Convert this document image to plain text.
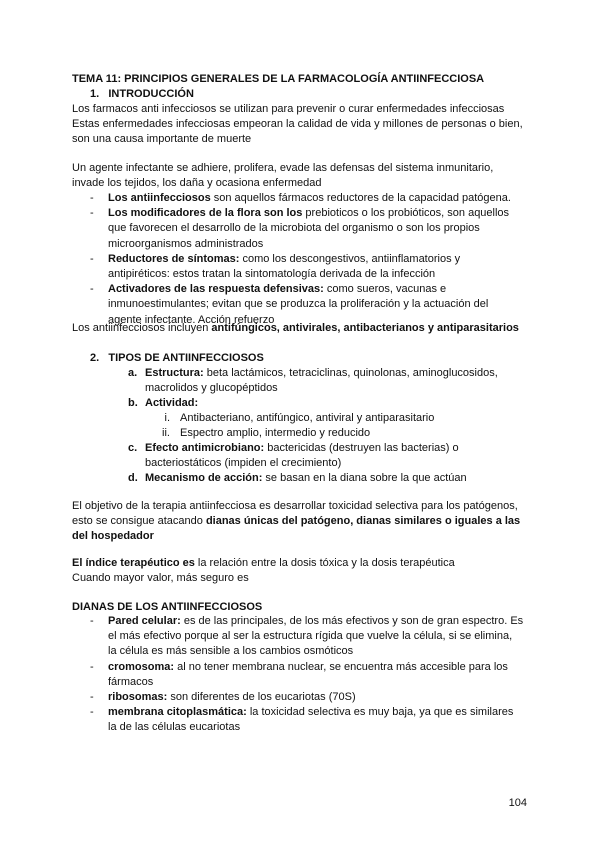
TEMA 11: PRINCIPIOS GENERALES DE LA FARMACOLOGÍA ANTIINFECCIOSA

1. INTRODUCCIÓN

Los farmacos anti infecciosos se utilizan para prevenir o curar enfermedades infecciosas

Estas enfermedades infecciosas empeoran la calidad de vida y millones de personas o bien,

son una causa importante de muerte

Un agente infectante se adhiere, prolifera, evade las defensas del sistema inmunitario,

invade los tejidos, los daña y ocasiona enfermedad

- Los antiinfecciosos son aquellos fármacos reductores de la capacidad patógena.

- Los modificadores de la flora son los prebioticos o los probióticos, son aquellos

que favorecen el desarrollo de la microbiota del organismo o son los propios

microorganismos administrados

- Reductores de síntomas: como los descongestivos, antiinflamatorios y

antipiréticos: estos tratan la sintomatología derivada de la infección

- Activadores de las respuesta defensivas: como sueros, vacunas e

inmunoestimulantes; evitan que se produzca la proliferación y la actuación del

agente infectante. Acción refuerzo

Los antiinfecciosos incluyen antifúngicos, antivirales, antibacterianos y antiparasitarios

2. TIPOS DE ANTIINFECCIOSOS

a. Estructura: beta lactámicos, tetraciclinas, quinolonas, aminoglucosidos,

macrolidos y glucopéptidos

b. Actividad:

i. Antibacteriano, antifúngico, antiviral y antiparasitario

ii. Espectro amplio, intermedio y reducido

c. Efecto antimicrobiano: bactericidas (destruyen las bacterias) o

bacteriostáticos (impiden el crecimiento)

d. Mecanismo de acción: se basan en la diana sobre la que actúan

El objetivo de la terapia antiinfecciosa es desarrollar toxicidad selectiva para los patógenos,

esto se consigue atacando dianas únicas del patógeno, dianas similares o iguales a las

del hospedador

El índice terapéutico es la relación entre la dosis tóxica y la dosis terapéutica

Cuando mayor valor, más seguro es

DIANAS DE LOS ANTIINFECCIOSOS

- Pared celular: es de las principales, de los más efectivos y son de gran espectro. Es

el más efectivo porque al ser la estructura rígida que vuelve la célula, si se elimina,

la célula es más sensible a los cambios osmóticos

- cromosoma: al no tener membrana nuclear, se encuentra más accesible para los

fármacos

- ribosomas: son diferentes de los eucariotas (70S)

- membrana citoplasmática: la toxicidad selectiva es muy baja, ya que es similares

la de las células eucariotas

104
